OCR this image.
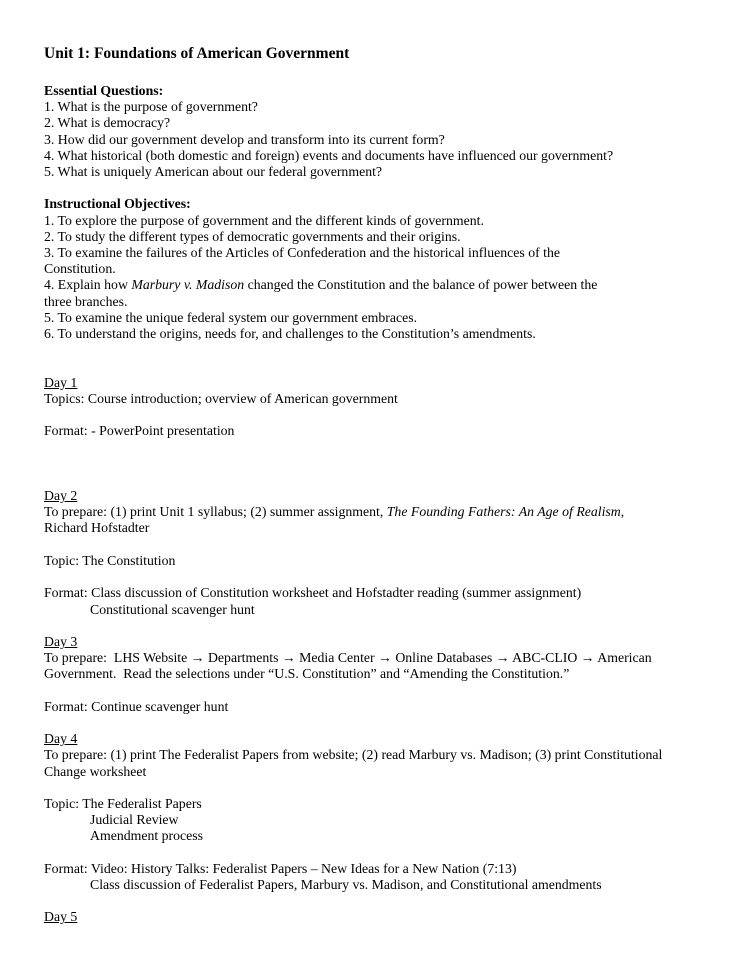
Unit 1: Foundations of American Government
Essential Questions:
1. What is the purpose of government?
2. What is democracy?
3. How did our government develop and transform into its current form?
4. What historical (both domestic and foreign) events and documents have influenced our government?
5. What is uniquely American about our federal government?

Instructional Objectives:
1. To explore the purpose of government and the different kinds of government.
2. To study the different types of democratic governments and their origins.
3. To examine the failures of the Articles of Confederation and the historical influences of the
Constitution.
4. Explain how Marbury v. Madison changed the Constitution and the balance of power between the
three branches.
5. To examine the unique federal system our government embraces.
6. To understand the origins, needs for, and challenges to the Constitution’s amendments.

Day 1
Topics: Course introduction; overview of American government

Format: - PowerPoint presentation

Day 2
To prepare: (1) print Unit 1 syllabus; (2) summer assignment, The Founding Fathers: An Age of Realism,
Richard Hofstadter

Topic: The Constitution

Format: Class discussion of Constitution worksheet and Hofstadter reading (summer assignment)
Constitutional scavenger hunt

Day 3
To prepare:  LHS Website → Departments → Media Center → Online Databases → ABC-CLIO → American
Government.  Read the selections under “U.S. Constitution” and “Amending the Constitution.”

Format: Continue scavenger hunt

Day 4
To prepare: (1) print The Federalist Papers from website; (2) read Marbury vs. Madison; (3) print Constitutional
Change worksheet

Topic: The Federalist Papers
Judicial Review
Amendment process

Format: Video: History Talks: Federalist Papers – New Ideas for a New Nation (7:13)
Class discussion of Federalist Papers, Marbury vs. Madison, and Constitutional amendments

Day 5
